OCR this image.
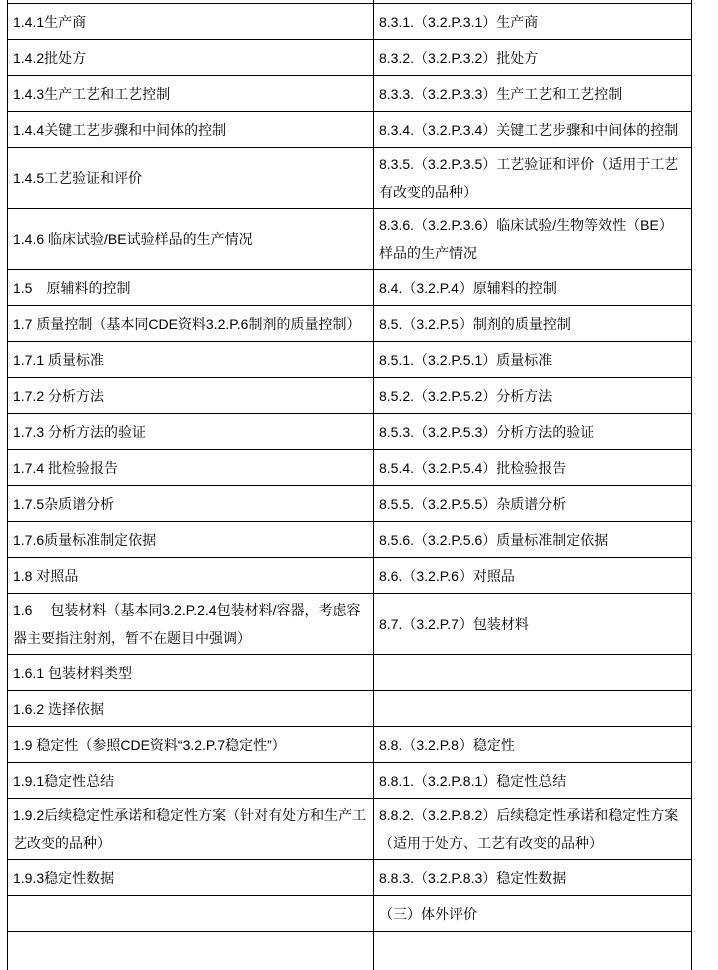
1.4.1生产商	8.3.1.（3.2.P.3.1）生产商
1.4.2批处方	8.3.2.（3.2.P.3.2）批处方
1.4.3生产工艺和工艺控制	8.3.3.（3.2.P.3.3）生产工艺和工艺控制
1.4.4关键工艺步骤和中间体的控制	8.3.4.（3.2.P.3.4）关键工艺步骤和中间体的控制
1.4.5工艺验证和评价	8.3.5.（3.2.P.3.5）工艺验证和评价（适用于工艺有改变的品种）
1.4.6 临床试验/BE试验样品的生产情况	8.3.6.（3.2.P.3.6）临床试验/生物等效性（BE）样品的生产情况
1.5　原辅料的控制	8.4.（3.2.P.4）原辅料的控制
1.7 质量控制（基本同CDE资料3.2.P.6制剂的质量控制）	8.5.（3.2.P.5）制剂的质量控制
1.7.1 质量标准	8.5.1.（3.2.P.5.1）质量标准
1.7.2 分析方法	8.5.2.（3.2.P.5.2）分析方法
1.7.3 分析方法的验证	8.5.3.（3.2.P.5.3）分析方法的验证
1.7.4 批检验报告	8.5.4.（3.2.P.5.4）批检验报告
1.7.5杂质谱分析	8.5.5.（3.2.P.5.5）杂质谱分析
1.7.6质量标准制定依据	8.5.6.（3.2.P.5.6）质量标准制定依据
1.8 对照品	8.6.（3.2.P.6）对照品
1.6　 包装材料（基本同3.2.P.2.4包装材料/容器，考虑容器主要指注射剂，暂不在题目中强调）	8.7.（3.2.P.7）包装材料
1.6.1 包装材料类型	
1.6.2 选择依据	
1.9 稳定性（参照CDE资料“3.2.P.7稳定性”）	8.8.（3.2.P.8）稳定性
1.9.1稳定性总结	8.8.1.（3.2.P.8.1）稳定性总结
1.9.2后续稳定性承诺和稳定性方案（针对有处方和生产工艺改变的品种）	8.8.2.（3.2.P.8.2）后续稳定性承诺和稳定性方案（适用于处方、工艺有改变的品种）
1.9.3稳定性数据	8.8.3.（3.2.P.8.3）稳定性数据
	（三）体外评价
